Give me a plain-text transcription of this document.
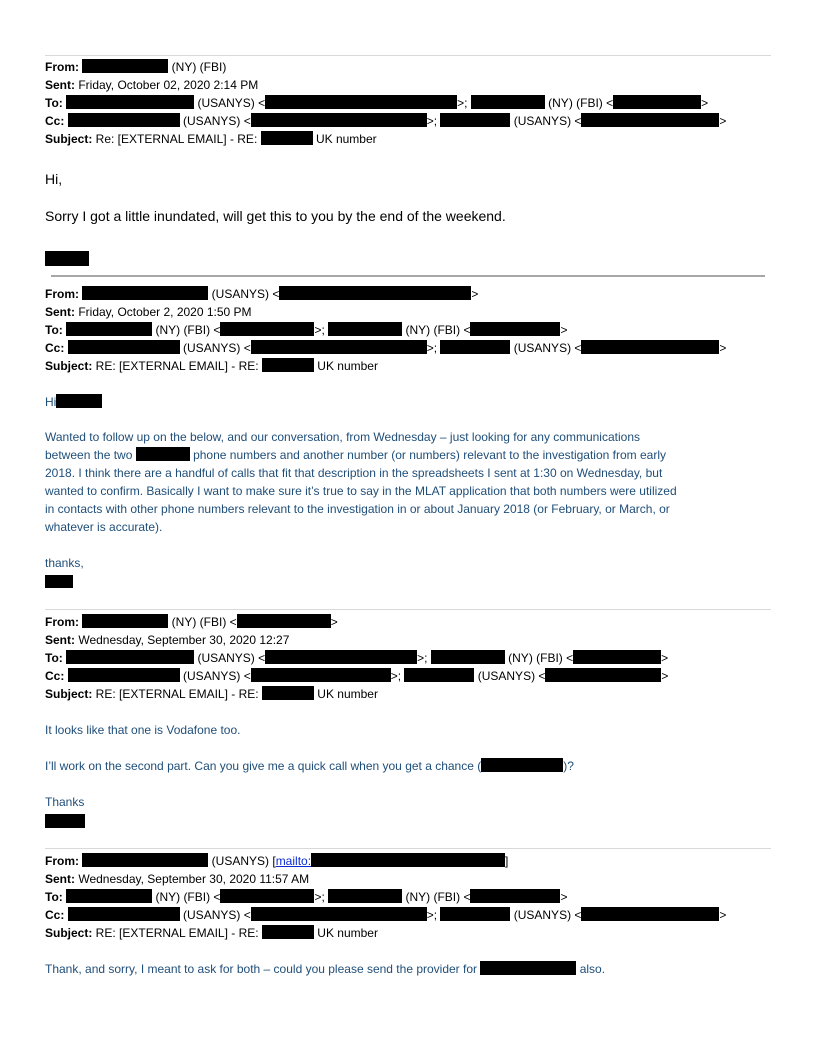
From:	(NY) (FBI)
Sent: Friday, October 02, 2020 2:14 PM
To:	(USANYS) <	>;	(NY) (FBI) <	>
Cc:	(USANYS) <	>;	(USANYS) <	>
Subject: Re: [EXTERNAL EMAIL] - RE:	UK number
Hi,
Sorry I got a little inundated, will get this to you by the end of the weekend.
From:	(USANYS) <	>
Sent: Friday, October 2, 2020 1:50 PM
To:	(NY) (FBI) <	>;	(NY) (FBI) <	>
Cc:	(USANYS) <	>;	(USANYS) <	>
Subject: RE: [EXTERNAL EMAIL] - RE:	UK number
Hi
Wanted to follow up on the below, and our conversation, from Wednesday – just looking for any communications
between the two	phone numbers and another number (or numbers) relevant to the investigation from early
2018. I think there are a handful of calls that fit that description in the spreadsheets I sent at 1:30 on Wednesday, but
wanted to confirm. Basically I want to make sure it’s true to say in the MLAT application that both numbers were utilized
in contacts with other phone numbers relevant to the investigation in or about January 2018 (or February, or March, or
whatever is accurate).
thanks,
From:	(NY) (FBI) <	>
Sent: Wednesday, September 30, 2020 12:27
To:	(USANYS) <	>;	(NY) (FBI) <	>
Cc:	(USANYS) <	>;	(USANYS) <	>
Subject: RE: [EXTERNAL EMAIL] - RE:	UK number
It looks like that one is Vodafone too.
I’ll work on the second part. Can you give me a quick call when you get a chance (	)?
Thanks
From:	(USANYS) [mailto:	]
Sent: Wednesday, September 30, 2020 11:57 AM
To:	(NY) (FBI) <	>;	(NY) (FBI) <	>
Cc:	(USANYS) <	>;	(USANYS) <	>
Subject: RE: [EXTERNAL EMAIL] - RE:	UK number
Thank, and sorry, I meant to ask for both – could you please send the provider for	also.
